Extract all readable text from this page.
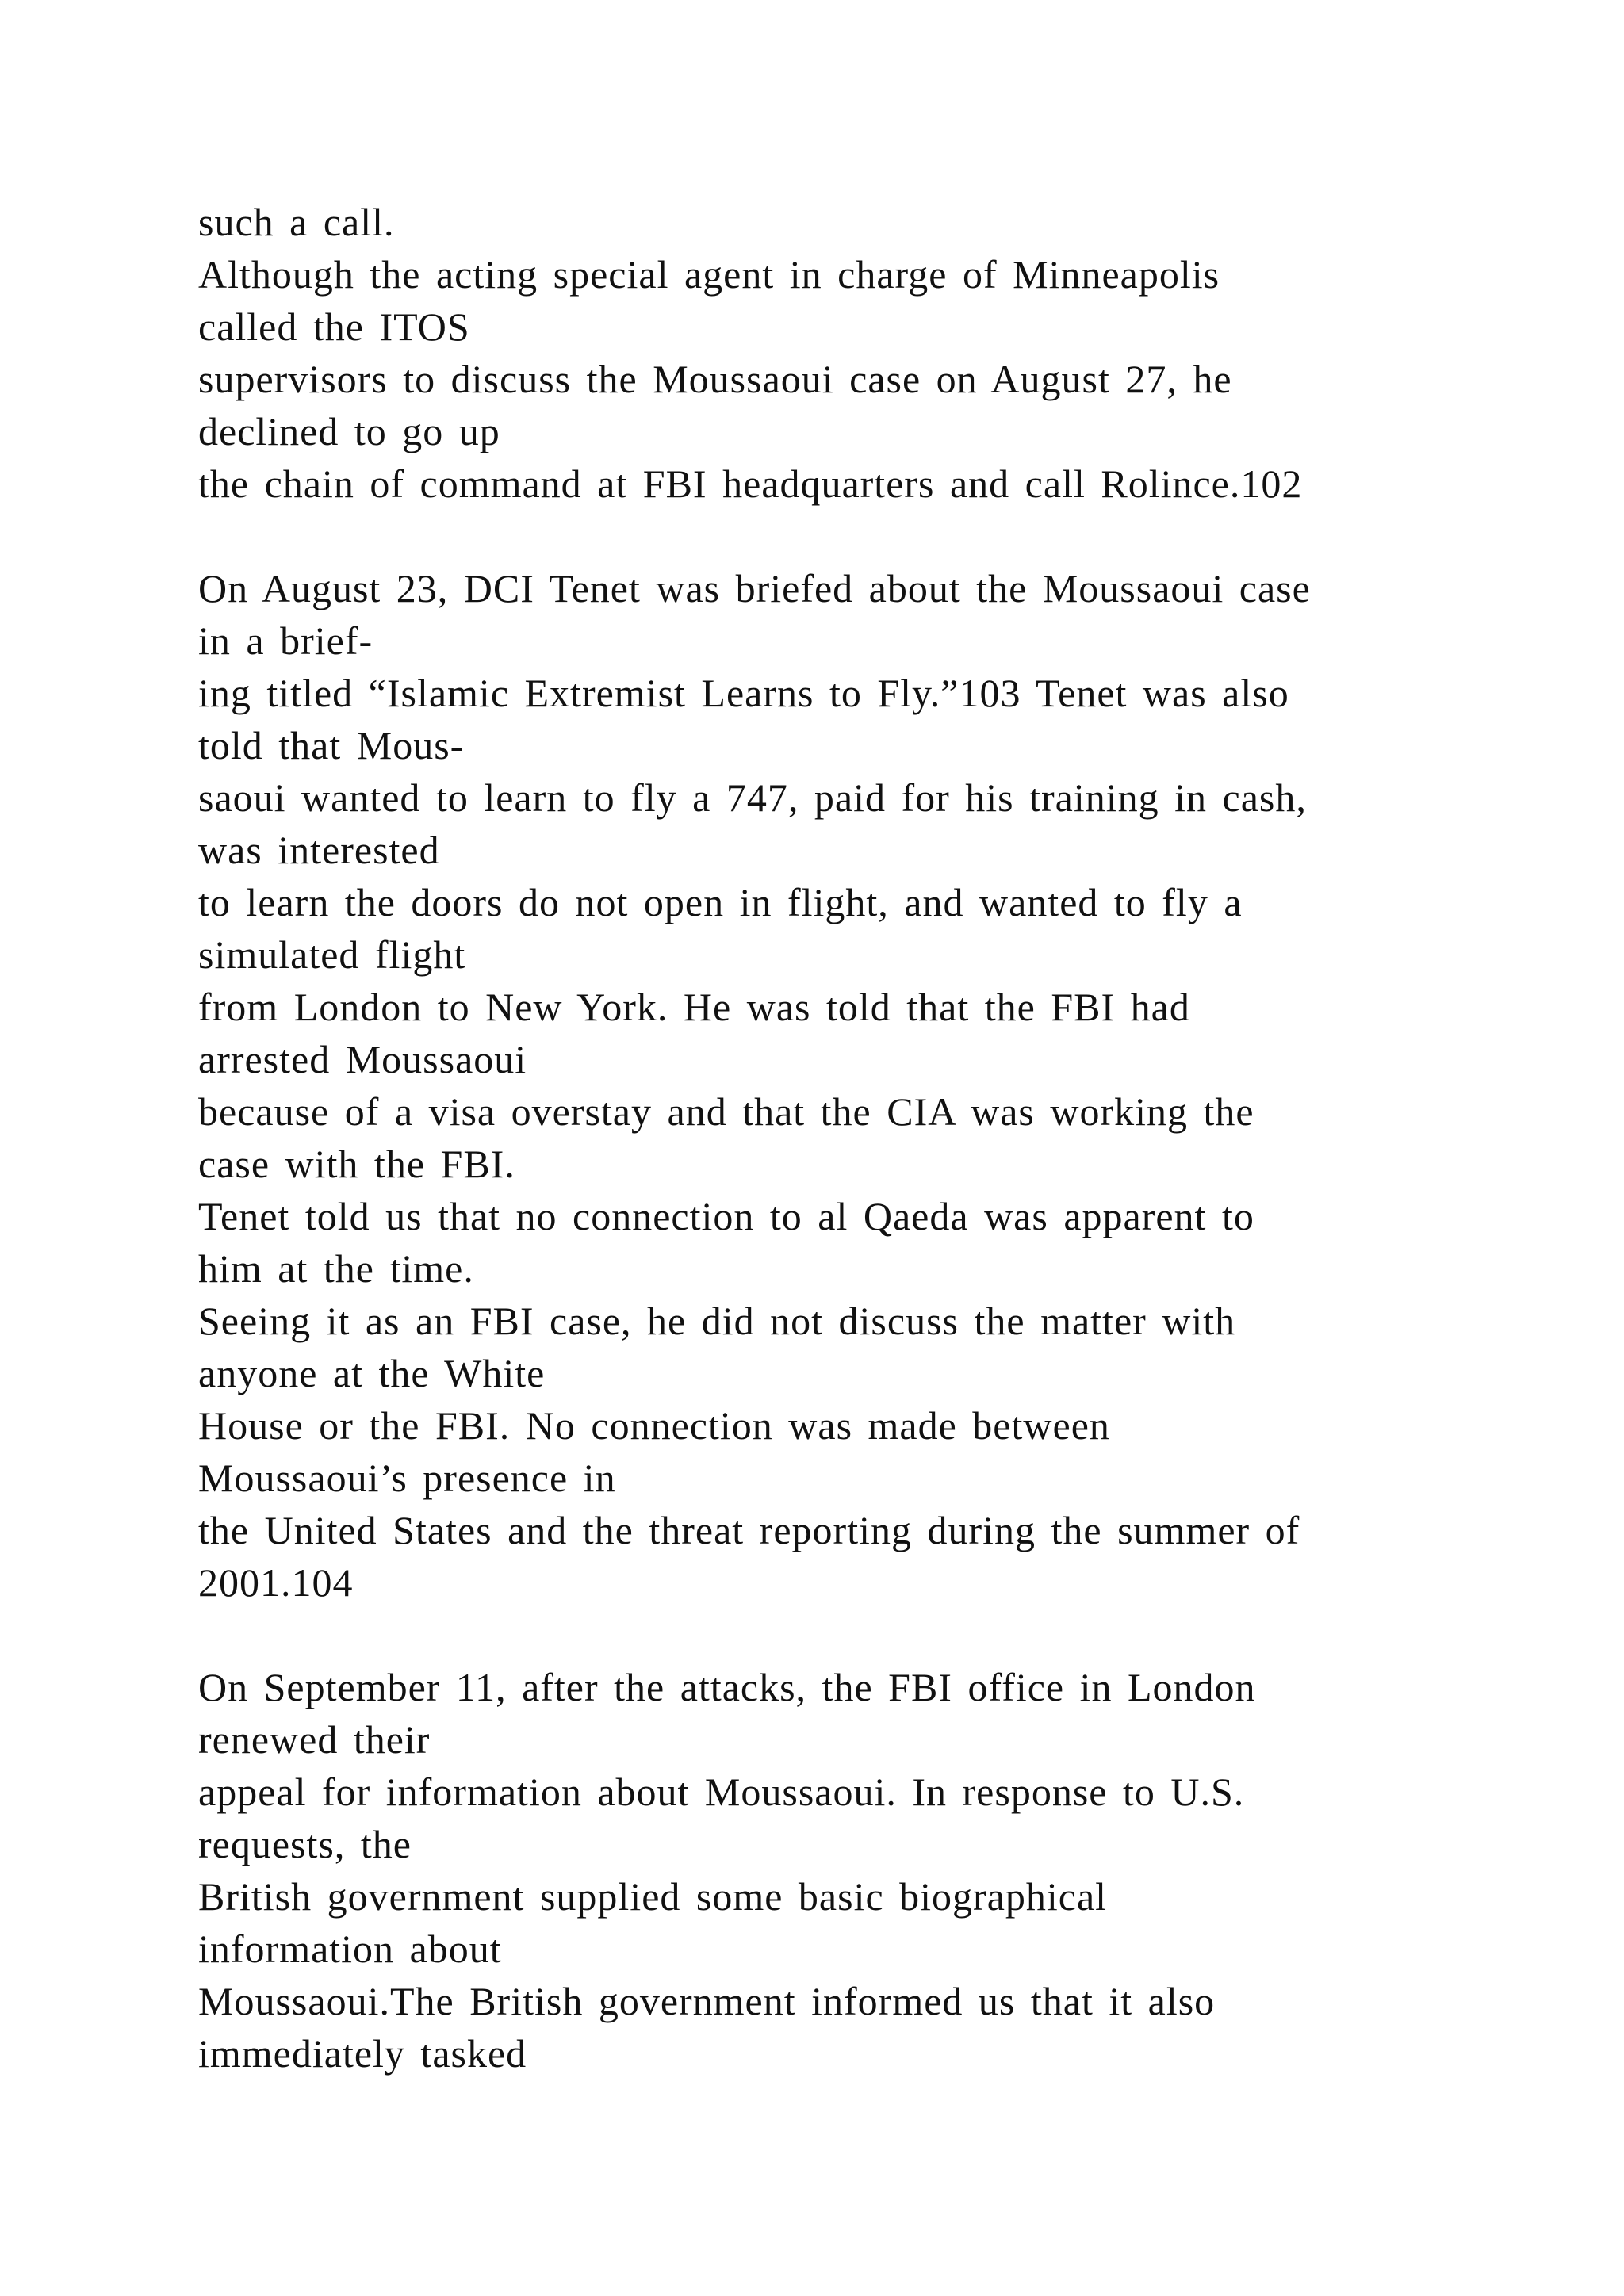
such a call.
Although the acting special agent in charge of Minneapolis
called the ITOS
supervisors to discuss the Moussaoui case on August 27, he
declined to go up
the chain of command at FBI headquarters and call Rolince.102
On August 23, DCI Tenet was briefed about the Moussaoui case
in a brief-
ing titled “Islamic Extremist Learns to Fly.”103 Tenet was also
told that Mous-
saoui wanted to learn to fly a 747, paid for his training in cash,
was interested
to learn the doors do not open in flight, and wanted to fly a
simulated flight
from London to New York. He was told that the FBI had
arrested Moussaoui
because of a visa overstay and that the CIA was working the
case with the FBI.
Tenet told us that no connection to al Qaeda was apparent to
him at the time.
Seeing it as an FBI case, he did not discuss the matter with
anyone at the White
House or the FBI. No connection was made between
Moussaoui’s presence in
the United States and the threat reporting during the summer of
2001.104
On September 11, after the attacks, the FBI office in London
renewed their
appeal for information about Moussaoui. In response to U.S.
requests, the
British government supplied some basic biographical
information about
Moussaoui.The British government informed us that it also
immediately tasked
